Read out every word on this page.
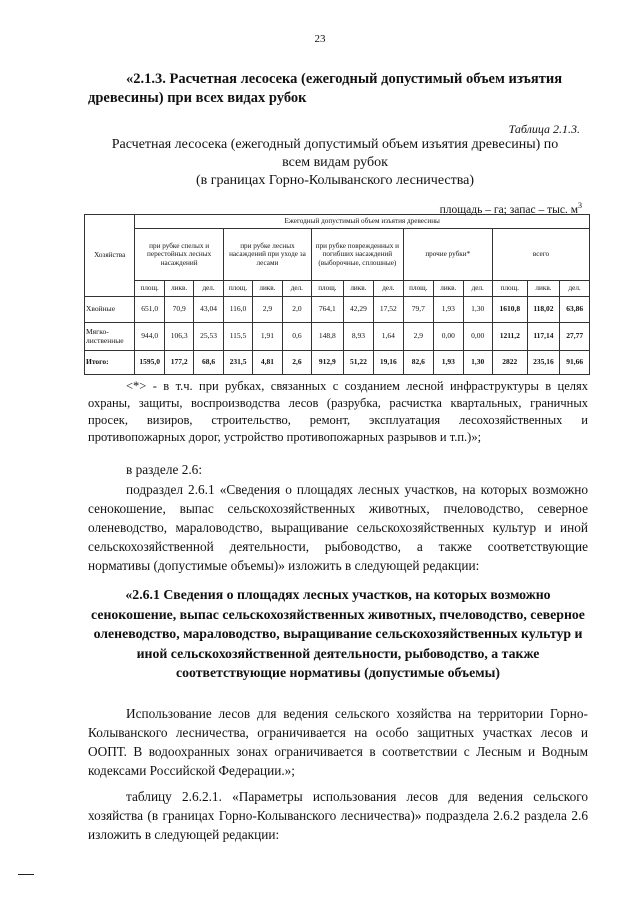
23
«2.1.3. Расчетная лесосека (ежегодный допустимый объем изъятия древесины) при всех видах рубок
Таблица 2.1.3.
Расчетная лесосека (ежегодный допустимый объем изъятия древесины) по
всем видам рубок
(в границах Горно-Колыванского лесничества)
площадь – га; запас – тыс. $м^3$
Хозяйства	Ежегодный допустимый объем изъятия древесины														
	при рубке спелых и перестойных лесных насаждений			при рубке лесных насаждений при уходе за лесами			при рубке поврежденных и погибших насаждений (выборочные, сплошные)			прочие рубки*			всего		
	площ.	ликв.	дел.	площ.	ликв.	дел.	площ.	ликв.	дел.	площ.	ликв.	дел.	площ.	ликв.	дел.
Хвойные	651,0	70,9	43,04	116,0	2,9	2,0	764,1	42,29	17,52	79,7	1,93	1,30	1610,8	118,02	63,86
Мягко-лиственные	944,0	106,3	25,53	115,5	1,91	0,6	148,8	8,93	1,64	2,9	0,00	0,00	1211,2	117,14	27,77
Итого:	1595,0	177,2	68,6	231,5	4,81	2,6	912,9	51,22	19,16	82,6	1,93	1,30	2822	235,16	91,66
<*> - в т.ч. при рубках, связанных с созданием лесной инфраструктуры в целях охраны, защиты, воспроизводства лесов (разрубка, расчистка квартальных, граничных просек, визиров, строительство, ремонт, эксплуатация лесохозяйственных и противопожарных дорог, устройство противопожарных разрывов и т.п.)»;
в разделе 2.6:
подраздел 2.6.1 «Сведения о площадях лесных участков, на которых возможно сенокошение, выпас сельскохозяйственных животных, пчеловодство, северное оленеводство, мараловодство, выращивание сельскохозяйственных культур и иной сельскохозяйственной деятельности, рыбоводство, а также соответствующие нормативы (допустимые объемы)» изложить в следующей редакции:
«2.6.1 Сведения о площадях лесных участков, на которых возможно сенокошение, выпас сельскохозяйственных животных, пчеловодство, северное оленеводство, мараловодство, выращивание сельскохозяйственных культур и иной сельскохозяйственной деятельности, рыбоводство, а также соответствующие нормативы (допустимые объемы)
Использование лесов для ведения сельского хозяйства на территории Горно-Колыванского лесничества, ограничивается на особо защитных участках лесов и ООПТ. В водоохранных зонах ограничивается в соответствии с Лесным и Водным кодексами Российской Федерации.»;
таблицу 2.6.2.1. «Параметры использования лесов для ведения сельского хозяйства (в границах Горно-Колыванского лесничества)» подраздела 2.6.2 раздела 2.6 изложить в следующей редакции:
